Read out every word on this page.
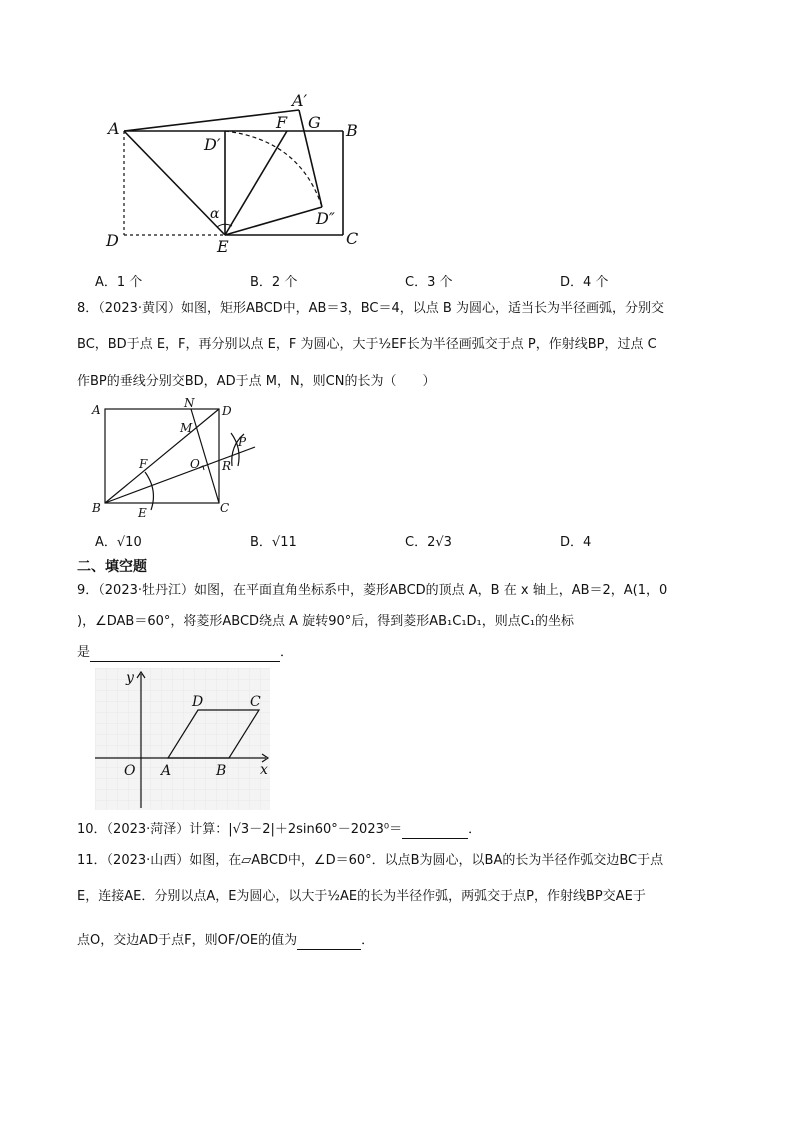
A
A′
F G B
D′
D″
D	E	C
α
A．1 个	B．2 个	C．3 个	D．4 个
8．（2023·黄冈）如图，矩形ABCD中，AB＝3，BC＝4，以点 B 为圆心，适当长为半径画弧，分别交
BC，BD于点 E，F，再分别以点 E，F 为圆心，大于½EF长为半径画弧交于点 P，作射线BP，过点 C
作BP的垂线分别交BD，AD于点 M，N，则CN的长为（　　）
A	N
D
M
P
F	O R
B	E	C
A．√10	B．√11	C．2√3	D．4
二、填空题
9．（2023·牡丹江）如图，在平面直角坐标系中，菱形ABCD的顶点 A，B 在 x 轴上，AB＝2，A(1，0
)，∠DAB＝60°，将菱形ABCD绕点 A 旋转90°后，得到菱形AB₁C₁D₁，则点C₁的坐标
是	．
y
D	C
O A	B x
10．（2023·菏泽）计算：|√3－2|＋2sin60°－2023⁰＝	．
11．（2023·山西）如图，在▱ABCD中，∠D＝60°．以点B为圆心，以BA的长为半径作弧交边BC于点
E，连接AE．分别以点A，E为圆心，以大于½AE的长为半径作弧，两弧交于点P，作射线BP交AE于
点O，交边AD于点F，则OF/OE的值为	．
